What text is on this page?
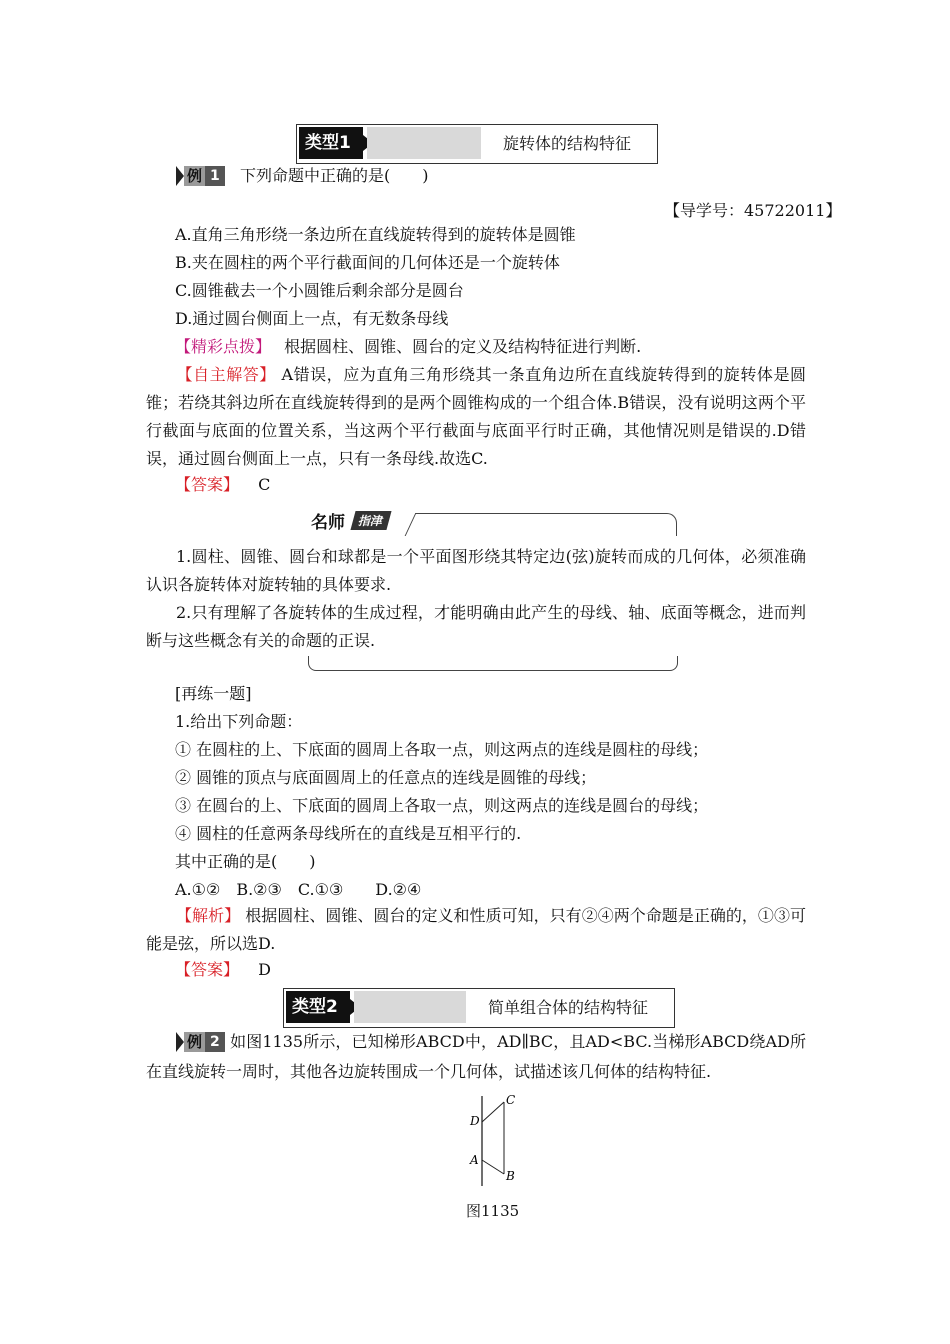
类型1	旋转体的结构特征
例 1	下列命题中正确的是(　　)
【导学号：45722011】
A.直角三角形绕一条边所在直线旋转得到的旋转体是圆锥
B.夹在圆柱的两个平行截面间的几何体还是一个旋转体
C.圆锥截去一个小圆锥后剩余部分是圆台
D.通过圆台侧面上一点，有无数条母线
【精彩点拨】 根据圆柱、圆锥、圆台的定义及结构特征进行判断.
【自主解答】 A错误，应为直角三角形绕其一条直角边所在直线旋转得到的旋转体是圆锥；若绕其斜边所在直线旋转得到的是两个圆锥构成的一个组合体.B错误，没有说明这两个平行截面与底面的位置关系，当这两个平行截面与底面平行时正确，其他情况则是错误的.D错误，通过圆台侧面上一点，只有一条母线.故选C.
【答案】 C
名师 指津
1.圆柱、圆锥、圆台和球都是一个平面图形绕其特定边(弦)旋转而成的几何体，必须准确认识各旋转体对旋转轴的具体要求.
2.只有理解了各旋转体的生成过程，才能明确由此产生的母线、轴、底面等概念，进而判断与这些概念有关的命题的正误.
[再练一题]
1.给出下列命题：
① 在圆柱的上、下底面的圆周上各取一点，则这两点的连线是圆柱的母线；
② 圆锥的顶点与底面圆周上的任意点的连线是圆锥的母线；
③ 在圆台的上、下底面的圆周上各取一点，则这两点的连线是圆台的母线；
④ 圆柱的任意两条母线所在的直线是互相平行的.
其中正确的是(　　)
A.①②　B.②③　C.①③　　D.②④
【解析】 根据圆柱、圆锥、圆台的定义和性质可知，只有②④两个命题是正确的，①③可能是弦，所以选D.
【答案】 D
类型2	简单组合体的结构特征
例 2 如图1135所示，已知梯形ABCD中，AD∥BC，且AD<BC.当梯形ABCD绕AD所在直线旋转一周时，其他各边旋转围成一个几何体，试描述该几何体的结构特征.
C
D
A
B
图1135
